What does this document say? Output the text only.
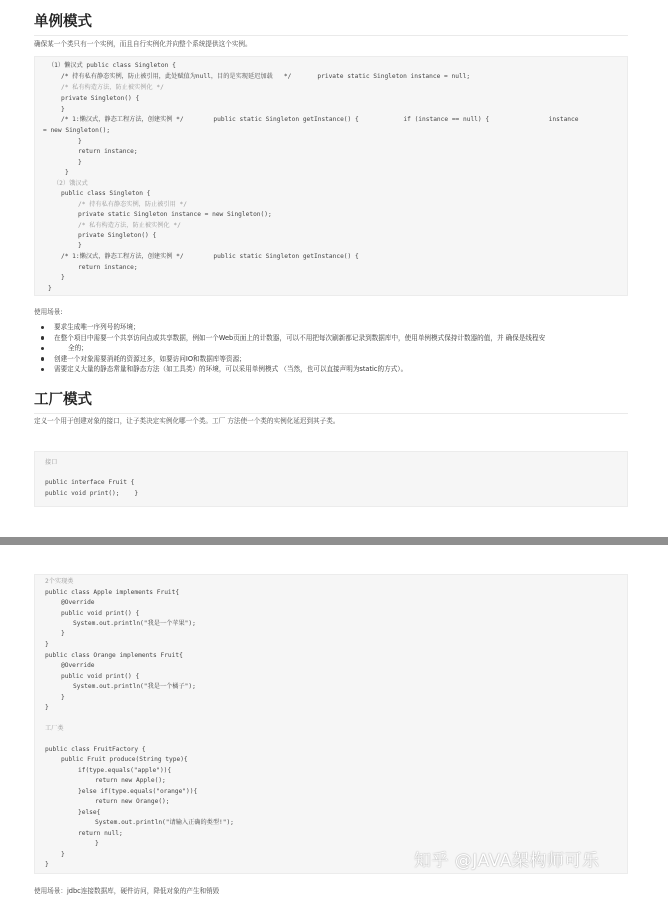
单例模式
确保某一个类只有一个实例，而且自行实例化并向整个系统提供这个实例。
（1）懒汉式 public class Singleton {
/* 持有私有静态实例，防止被引用，此处赋值为null，目的是实现延迟加载   */       private static Singleton instance = null;
/* 私有构造方法，防止被实例化 */
private Singleton() {
}
/* 1:懒汉式，静态工程方法，创建实例 */        public static Singleton getInstance() {            if (instance == null) {                instance
= new Singleton();
}
return instance;
}
}
（2）饿汉式
public class Singleton {
/* 持有私有静态实例，防止被引用 */
private static Singleton instance = new Singleton();
/* 私有构造方法，防止被实例化 */
private Singleton() {
}
/* 1:懒汉式，静态工程方法，创建实例 */        public static Singleton getInstance() {
return instance;
}
}
使用场景:
要求生成唯一序列号的环境；
在整个项目中需要一个共享访问点或共享数据，例如一个Web页面上的计数器，可以不用把每次刷新都记录到数据库中，使用单例模式保持计数器的值，并 确保是线程安
全的；
创建一个对象需要消耗的资源过多，如要访问IO和数据库等资源；
需要定义大量的静态常量和静态方法（如工具类）的环境，可以采用单例模式 （当然，也可以直接声明为static的方式）。
工厂模式
定义一个用于创建对象的接口，让子类决定实例化哪一个类。工厂 方法使一个类的实例化延迟到其子类。
接口
public interface Fruit {
public void print();    }
2个实现类
public class Apple implements Fruit{
@Override
public void print() {
System.out.println("我是一个苹果");
}
}
public class Orange implements Fruit{
@Override
public void print() {
System.out.println("我是一个橘子");
}
}
工厂类
public class FruitFactory {
public Fruit produce(String type){
if(type.equals("apple")){
return new Apple();
}else if(type.equals("orange")){
return new Orange();
}else{
System.out.println("请输入正确的类型!");
return null;
}
}
}
使用场景：jdbc连接数据库，硬件访问，降低对象的产生和销毁
知乎 @JAVA架构师可乐
